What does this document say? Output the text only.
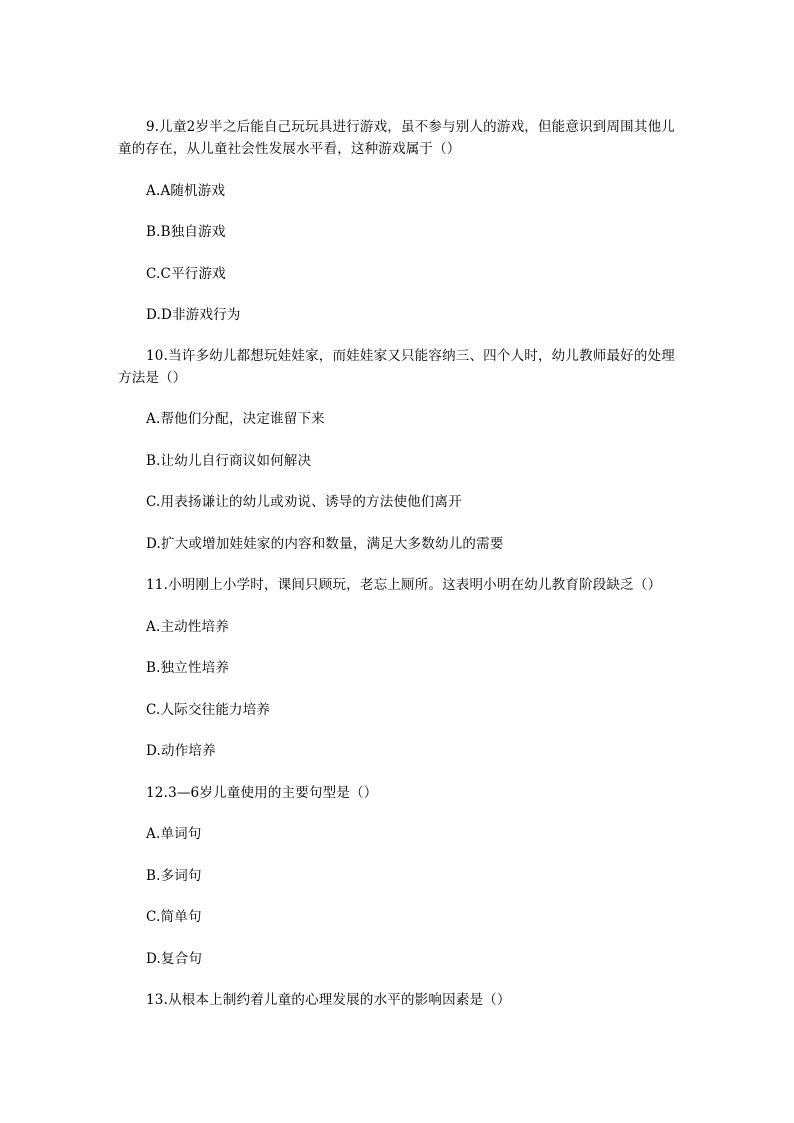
9.儿童2岁半之后能自己玩玩具进行游戏，虽不参与别人的游戏，但能意识到周围其他儿童的存在，从儿童社会性发展水平看，这种游戏属于（）
A.A随机游戏
B.B独自游戏
C.C平行游戏
D.D非游戏行为
10.当许多幼儿都想玩娃娃家，而娃娃家又只能容纳三、四个人时，幼儿教师最好的处理方法是（）
A.帮他们分配，决定谁留下来
B.让幼儿自行商议如何解决
C.用表扬谦让的幼儿或劝说、诱导的方法使他们离开
D.扩大或增加娃娃家的内容和数量，满足大多数幼儿的需要
11.小明刚上小学时，课间只顾玩，老忘上厕所。这表明小明在幼儿教育阶段缺乏（）
A.主动性培养
B.独立性培养
C.人际交往能力培养
D.动作培养
12.3—6岁儿童使用的主要句型是（）
A.单词句
B.多词句
C.简单句
D.复合句
13.从根本上制约着儿童的心理发展的水平的影响因素是（）
